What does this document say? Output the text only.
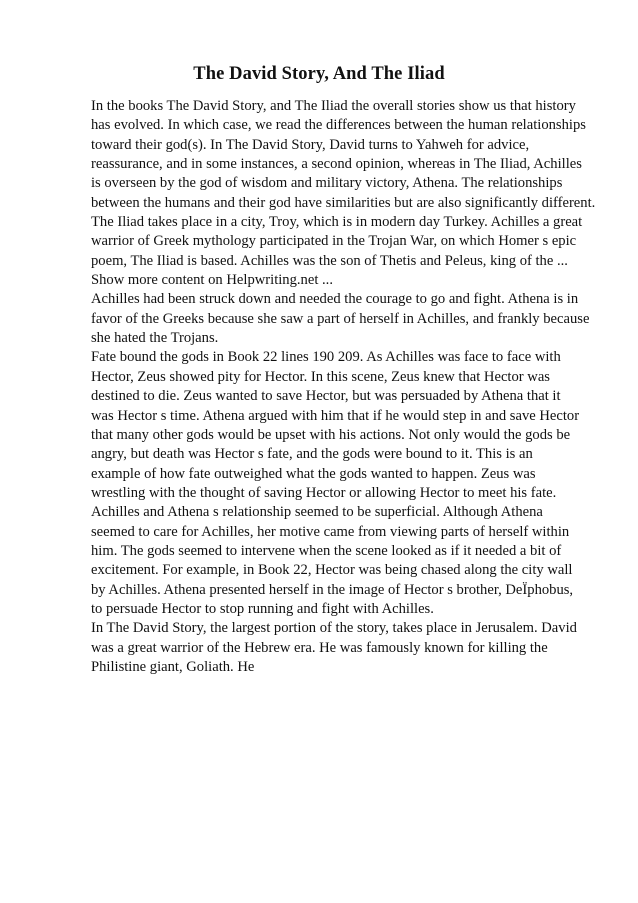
The David Story, And The Iliad

In the books The David Story, and The Iliad the overall stories show us that history

has evolved. In which case, we read the differences between the human relationships

toward their god(s). In The David Story, David turns to Yahweh for advice,

reassurance, and in some instances, a second opinion, whereas in The Iliad, Achilles

is overseen by the god of wisdom and military victory, Athena. The relationships

between the humans and their god have similarities but are also significantly different.

The Iliad takes place in a city, Troy, which is in modern day Turkey. Achilles a great

warrior of Greek mythology participated in the Trojan War, on which Homer s epic

poem, The Iliad is based. Achilles was the son of Thetis and Peleus, king of the ...

Show more content on Helpwriting.net ...

Achilles had been struck down and needed the courage to go and fight. Athena is in

favor of the Greeks because she saw a part of herself in Achilles, and frankly because

she hated the Trojans.

Fate bound the gods in Book 22 lines 190 209. As Achilles was face to face with

Hector, Zeus showed pity for Hector. In this scene, Zeus knew that Hector was

destined to die. Zeus wanted to save Hector, but was persuaded by Athena that it

was Hector s time. Athena argued with him that if he would step in and save Hector

that many other gods would be upset with his actions. Not only would the gods be

angry, but death was Hector s fate, and the gods were bound to it. This is an

example of how fate outweighed what the gods wanted to happen. Zeus was

wrestling with the thought of saving Hector or allowing Hector to meet his fate.

Achilles and Athena s relationship seemed to be superficial. Although Athena

seemed to care for Achilles, her motive came from viewing parts of herself within

him. The gods seemed to intervene when the scene looked as if it needed a bit of

excitement. For example, in Book 22, Hector was being chased along the city wall

by Achilles. Athena presented herself in the image of Hector s brother, DeÏphobus,

to persuade Hector to stop running and fight with Achilles.

In The David Story, the largest portion of the story, takes place in Jerusalem. David

was a great warrior of the Hebrew era. He was famously known for killing the

Philistine giant, Goliath. He
